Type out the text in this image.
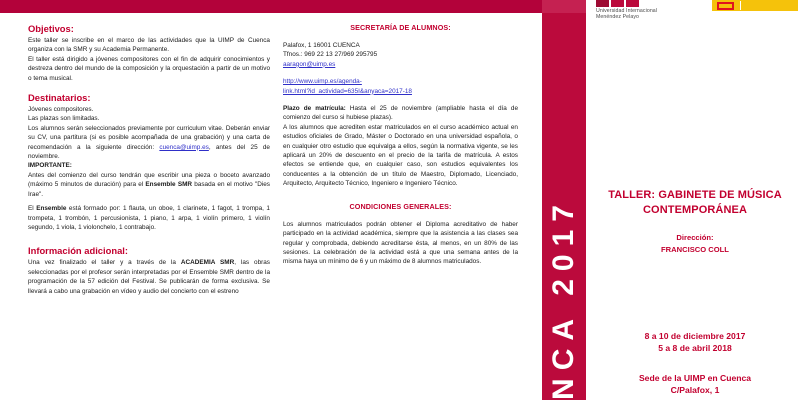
NCA 2017
Universidad Internacional
Menéndez Pelayo
Objetivos:

Este taller se inscribe en el marco de las actividades que la UIMP de Cuenca organiza con la SMR y su Academia Permanente.

El taller está dirigido a jóvenes compositores con el fin de adquirir conocimientos y destreza dentro del mundo de la composición y la orquestación a partir de un motivo o tema musical.

Destinatarios:

Jóvenes compositores.

Las plazas son limitadas.

Los alumnos serán seleccionados previamente por curriculum vitae. Deberán enviar su CV, una partitura (si es posible acompañada de una grabación) y una carta de recomendación a la siguiente dirección: cuenca@uimp.es, antes del 25 de noviembre.

IMPORTANTE:

Antes del comienzo del curso tendrán que escribir una pieza o boceto avanzado (máximo 5 minutos de duración) para el Ensemble SMR basada en el motivo "Dies Irae".

El Ensemble está formado por: 1 flauta, un oboe, 1 clarinete, 1 fagot, 1 trompa, 1 trompeta, 1 trombón, 1 percusionista, 1 piano, 1 arpa, 1 violín primero, 1 violín segundo, 1 viola, 1 violonchelo, 1 contrabajo.

Información adicional:

Una vez finalizado el taller y a través de la ACADEMIA SMR, las obras seleccionadas por el profesor serán interpretadas por el Ensemble SMR dentro de la programación de la 57 edición del Festival. Se publicarán de forma exclusiva. Se llevará a cabo una grabación en vídeo y audio del concierto con el estreno

SECRETARÍA DE ALUMNOS:

Palafox, 1 16001 CUENCA

Tfnos.: 969 22 13 27/969 295795

aaragon@uimp.es

http://www.uimp.es/agenda-
link.html?id_actividad=635I&anyaca=2017-18

Plazo de matrícula: Hasta el 25 de noviembre (ampliable hasta el día de comienzo del curso si hubiese plazas).

A los alumnos que acrediten estar matriculados en el curso académico actual en estudios oficiales de Grado, Máster o Doctorado en una universidad española, o en cualquier otro estudio que equivalga a ellos, según la normativa vigente, se les aplicará un 20% de descuento en el precio de la tarifa de matrícula. A estos efectos se entiende que, en cualquier caso, son estudios equivalentes los conducentes a la obtención de un título de Maestro, Diplomado, Licenciado, Arquitecto, Arquitecto Técnico, Ingeniero e Ingeniero Técnico.

CONDICIONES GENERALES:

Los alumnos matriculados podrán obtener el Diploma acreditativo de haber participado en la actividad académica, siempre que la asistencia a las clases sea regular y comprobada, debiendo acreditarse ésta, al menos, en un 80% de las sesiones. La celebración de la actividad está a que una semana antes de la misma haya un mínimo de 6 y un máximo de 8 alumnos matriculados.

TALLER: GABINETE DE MÚSICA CONTEMPORÁNEA
Dirección:
FRANCISCO COLL
8 a 10 de diciembre 2017
5 a 8 de abril 2018
Sede de la UIMP en Cuenca
C/Palafox, 1
